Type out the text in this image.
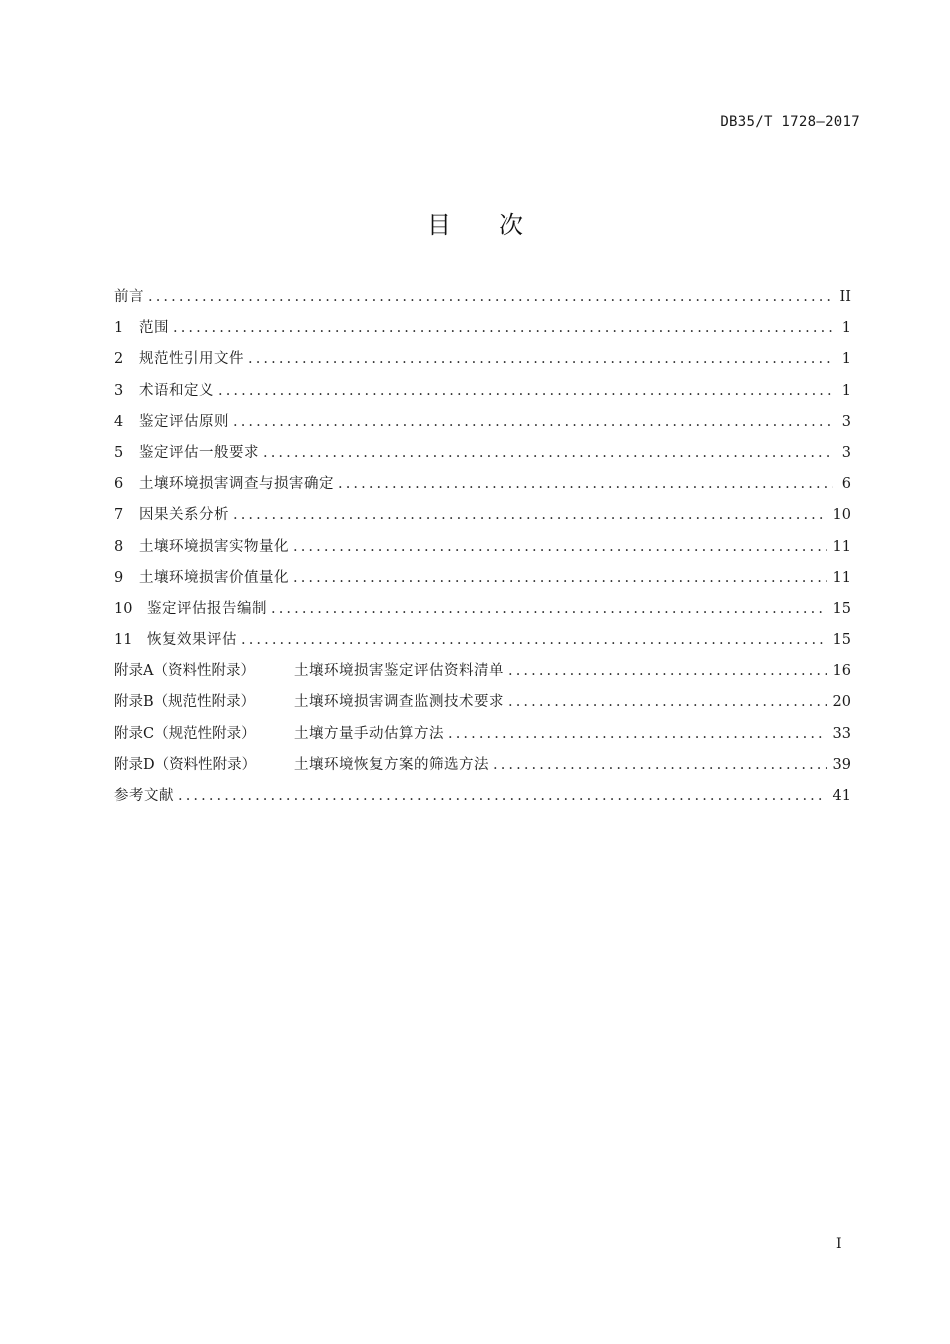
DB35/T 1728—2017
目次
前言 .....	II
1	范围 .....	1
2	规范性引用文件 .....	1
3	术语和定义 .....	1
4	鉴定评估原则 .....	3
5	鉴定评估一般要求 .....	3
6	土壤环境损害调查与损害确定 .....	6
7	因果关系分析 .....	10
8	土壤环境损害实物量化 .....	11
9	土壤环境损害价值量化 .....	11
10	鉴定评估报告编制 .....	15
11	恢复效果评估 .....	15
附录A（资料性附录）	土壤环境损害鉴定评估资料清单 .....	16
附录B（规范性附录）	土壤环境损害调查监测技术要求 .....	20
附录C（规范性附录）	土壤方量手动估算方法 .....	33
附录D（资料性附录）	土壤环境恢复方案的筛选方法 .....	39
参考文献 .....	41
I
